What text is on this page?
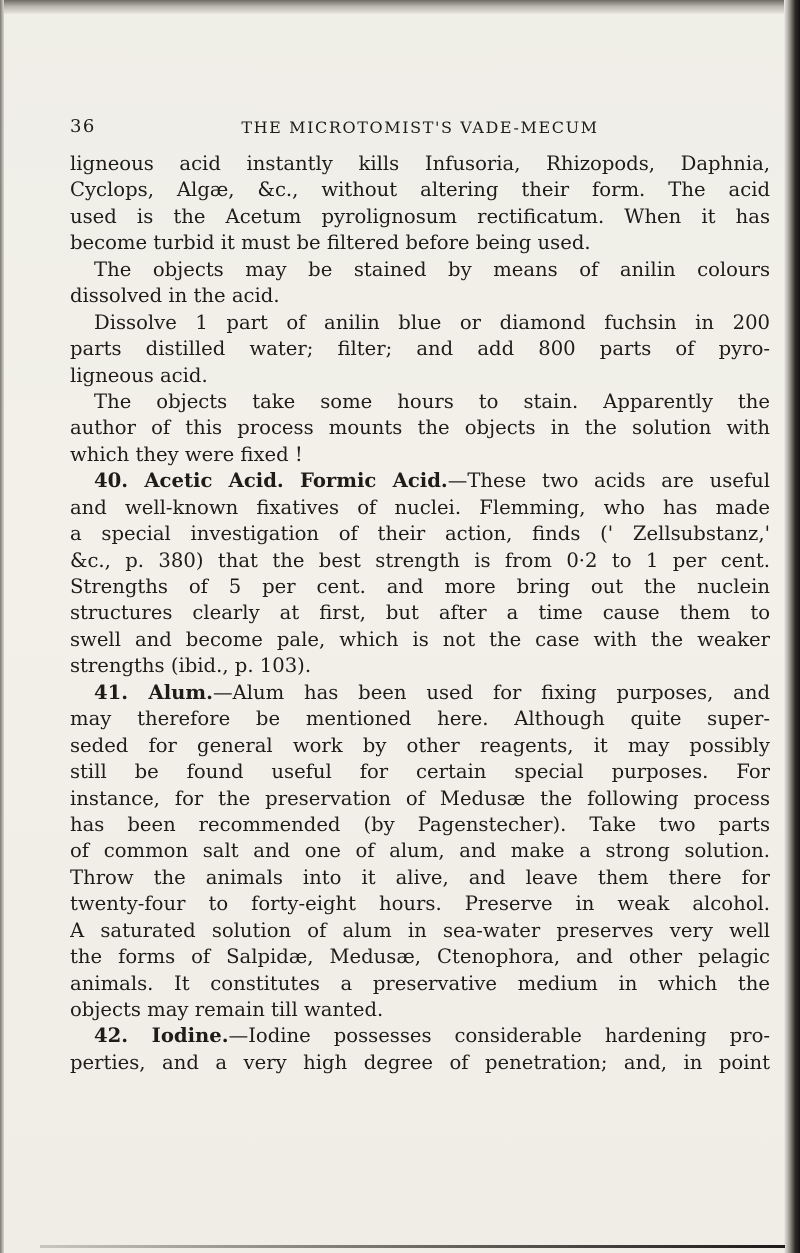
36	THE MICROTOMIST'S VADE-MECUM
ligneous acid instantly kills Infusoria, Rhizopods, Daphnia,
Cyclops, Algæ, &c., without altering their form. The acid
used is the Acetum pyrolignosum rectificatum. When it has
become turbid it must be filtered before being used.
The objects may be stained by means of anilin colours
dissolved in the acid.
Dissolve 1 part of anilin blue or diamond fuchsin in 200
parts distilled water; filter; and add 800 parts of pyro-
ligneous acid.
The objects take some hours to stain. Apparently the
author of this process mounts the objects in the solution with
which they were fixed !
40. Acetic Acid. Formic Acid.—These two acids are useful
and well-known fixatives of nuclei. Flemming, who has made
a special investigation of their action, finds (' Zellsubstanz,'
&c., p. 380) that the best strength is from 0·2 to 1 per cent.
Strengths of 5 per cent. and more bring out the nuclein
structures clearly at first, but after a time cause them to
swell and become pale, which is not the case with the weaker
strengths (ibid., p. 103).
41. Alum.—Alum has been used for fixing purposes, and
may therefore be mentioned here. Although quite super-
seded for general work by other reagents, it may possibly
still be found useful for certain special purposes. For
instance, for the preservation of Medusæ the following process
has been recommended (by Pagenstecher). Take two parts
of common salt and one of alum, and make a strong solution.
Throw the animals into it alive, and leave them there for
twenty-four to forty-eight hours. Preserve in weak alcohol.
A saturated solution of alum in sea-water preserves very well
the forms of Salpidæ, Medusæ, Ctenophora, and other pelagic
animals. It constitutes a preservative medium in which the
objects may remain till wanted.
42. Iodine.—Iodine possesses considerable hardening pro-
perties, and a very high degree of penetration; and, in point
